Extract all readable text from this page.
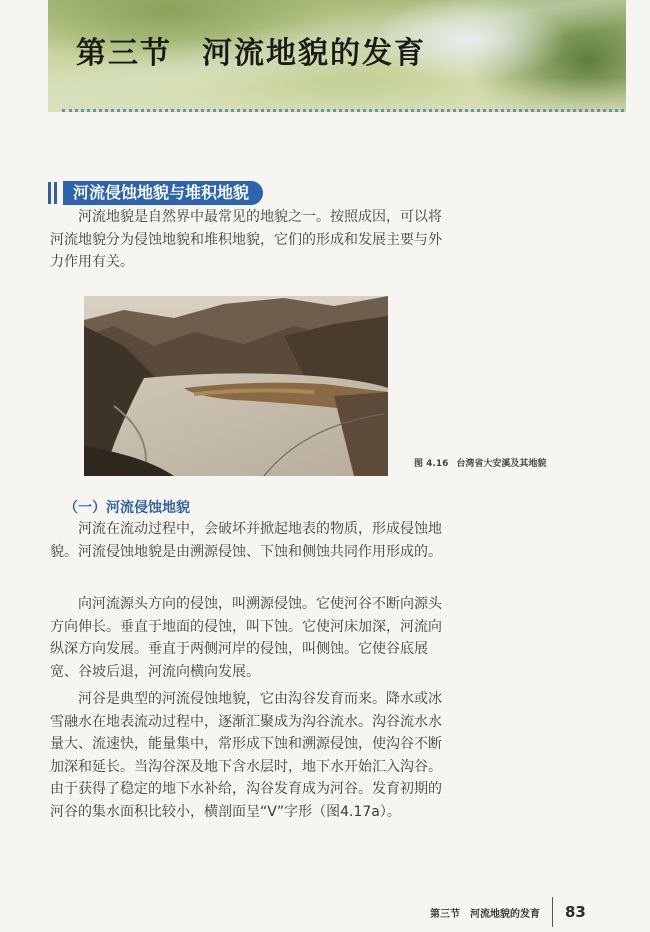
第三节 河流地貌的发育
河流侵蚀地貌与堆积地貌
河流地貌是自然界中最常见的地貌之一。按照成因，可以将河流地貌分为侵蚀地貌和堆积地貌，它们的形成和发展主要与外力作用有关。
图 4.16 台湾省大安溪及其地貌
（一）河流侵蚀地貌
河流在流动过程中，会破坏并掀起地表的物质，形成侵蚀地貌。河流侵蚀地貌是由溯源侵蚀、下蚀和侧蚀共同作用形成的。
向河流源头方向的侵蚀，叫溯源侵蚀。它使河谷不断向源头方向伸长。垂直于地面的侵蚀，叫下蚀。它使河床加深，河流向纵深方向发展。垂直于两侧河岸的侵蚀，叫侧蚀。它使谷底展宽、谷坡后退，河流向横向发展。
河谷是典型的河流侵蚀地貌，它由沟谷发育而来。降水或冰雪融水在地表流动过程中，逐渐汇聚成为沟谷流水。沟谷流水水量大、流速快，能量集中，常形成下蚀和溯源侵蚀，使沟谷不断加深和延长。当沟谷深及地下含水层时，地下水开始汇入沟谷。由于获得了稳定的地下水补给，沟谷发育成为河谷。发育初期的河谷的集水面积比较小，横剖面呈“V”字形（图4.17a）。
第三节 河流地貌的发育 83
